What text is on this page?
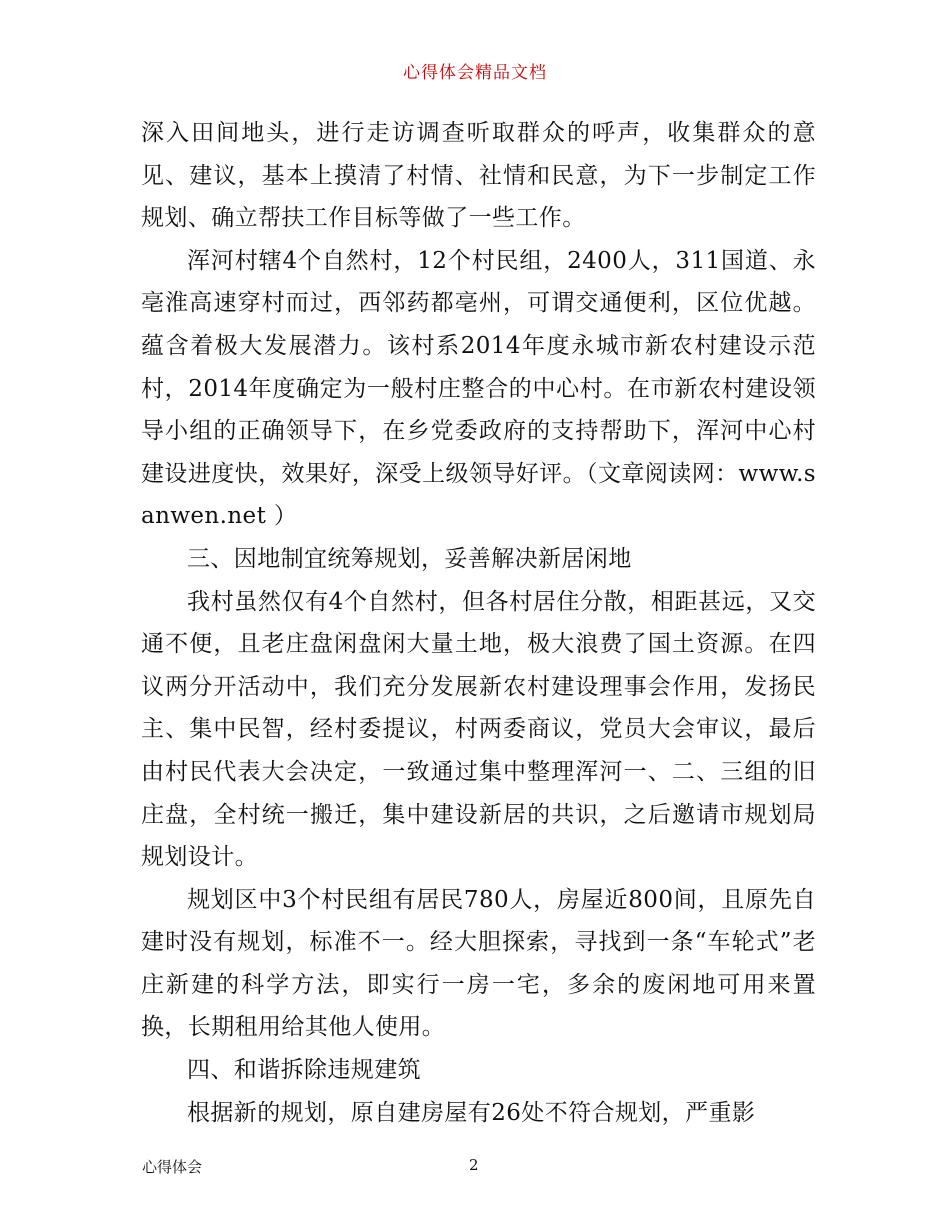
心得体会精品文档

深入田间地头，进行走访调查听取群众的呼声，收集群众的意见、建议，基本上摸清了村情、社情和民意，为下一步制定工作规划、确立帮扶工作目标等做了一些工作。

浑河村辖4个自然村，12个村民组，2400人，311国道、永亳淮高速穿村而过，西邻药都亳州，可谓交通便利，区位优越。蕴含着极大发展潜力。该村系2014年度永城市新农村建设示范村，2014年度确定为一般村庄整合的中心村。在市新农村建设领导小组的正确领导下，在乡党委政府的支持帮助下，浑河中心村建设进度快，效果好，深受上级领导好评。（文章阅读网：www.sanwen.net ）

三、因地制宜统筹规划，妥善解决新居闲地

我村虽然仅有4个自然村，但各村居住分散，相距甚远，又交通不便，且老庄盘闲盘闲大量土地，极大浪费了国土资源。在四议两分开活动中，我们充分发展新农村建设理事会作用，发扬民主、集中民智，经村委提议，村两委商议，党员大会审议，最后由村民代表大会决定，一致通过集中整理浑河一、二、三组的旧庄盘，全村统一搬迁，集中建设新居的共识，之后邀请市规划局规划设计。

规划区中3个村民组有居民780人，房屋近800间，且原先自建时没有规划，标准不一。经大胆探索，寻找到一条“车轮式”老庄新建的科学方法，即实行一房一宅，多余的废闲地可用来置换，长期租用给其他人使用。

四、和谐拆除违规建筑

根据新的规划，原自建房屋有26处不符合规划，严重影

心得体会	2
